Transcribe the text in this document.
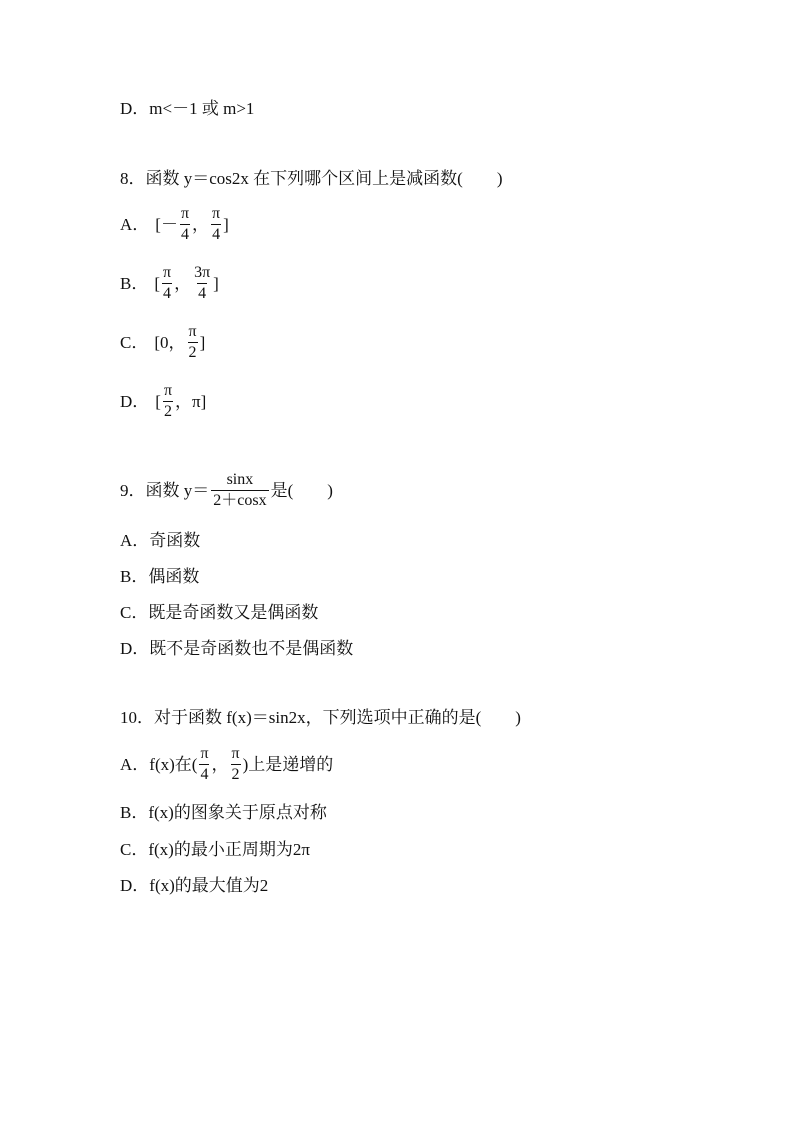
D． m<－1 或 m>1
8． 函数 y＝cos2x 在下列哪个区间上是减函数( )
A． [－ $\frac{\pi}{4}$ ， $\frac{\pi}{4}$ ]
B． [ $\frac{\pi}{4}$ ， $\frac{3\pi}{4}$ ]
C． [0， $\frac{\pi}{2}$ ]
D． [ $\frac{\pi}{2}$ ，π]
9． 函数 $y= \frac{\sin x}{2+\cos x}$ 是( )
A． 奇函数
B． 偶函数
C． 既是奇函数又是偶函数
D． 既不是奇函数也不是偶函数
10． 对于函数 f(x)＝sin2x，下列选项中正确的是( )
A． f(x)在( $\frac{\pi}{4}$ ， $\frac{\pi}{2}$ )上是递增的
B． f(x)的图象关于原点对称
C． f(x)的最小正周期为2π
D． f(x)的最大值为2
